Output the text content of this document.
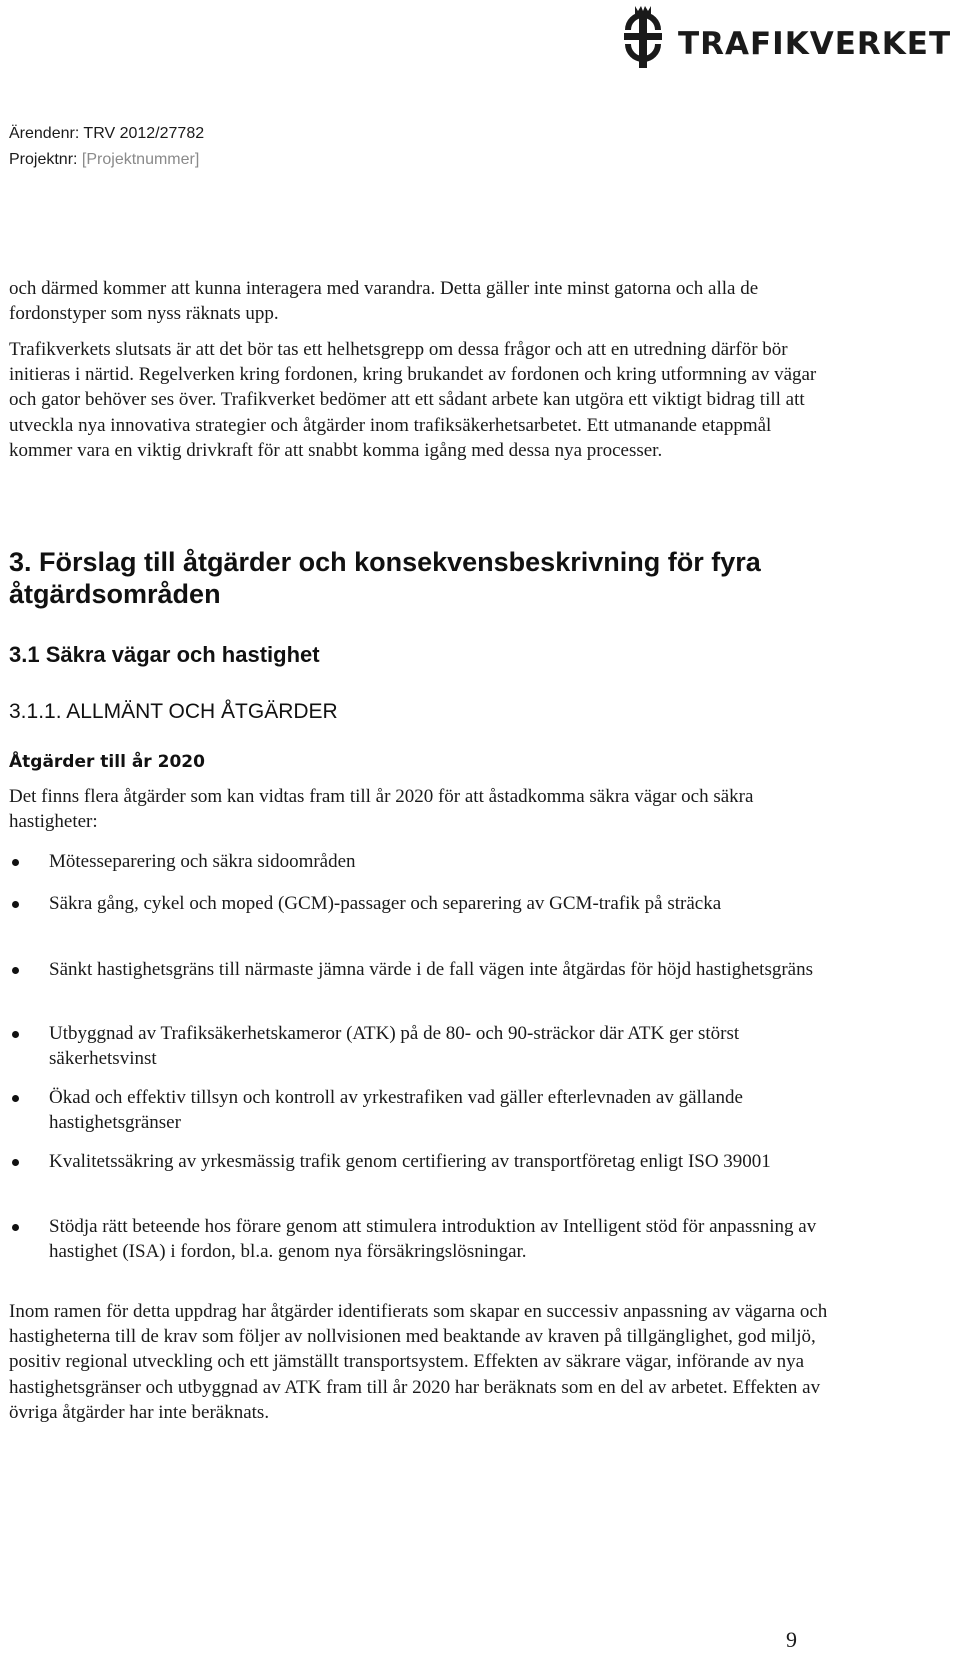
TRAFIKVERKET
Ärendenr: TRV 2012/27782
Projektnr: [Projektnummer]
och därmed kommer att kunna interagera med varandra. Detta gäller inte minst gatorna och alla de fordonstyper som nyss räknats upp.
Trafikverkets slutsats är att det bör tas ett helhetsgrepp om dessa frågor och att en utredning därför bör initieras i närtid. Regelverken kring fordonen, kring brukandet av fordonen och kring utformning av vägar och gator behöver ses över. Trafikverket bedömer att ett sådant arbete kan utgöra ett viktigt bidrag till att utveckla nya innovativa strategier och åtgärder inom trafiksäkerhetsarbetet. Ett utmanande etappmål kommer vara en viktig drivkraft för att snabbt komma igång med dessa nya processer.
3. Förslag till åtgärder och konsekvensbeskrivning för fyra åtgärdsområden
3.1 Säkra vägar och hastighet
3.1.1. ALLMÄNT OCH ÅTGÄRDER
Åtgärder till år 2020
Det finns flera åtgärder som kan vidtas fram till år 2020 för att åstadkomma säkra vägar och säkra hastigheter:
Mötesseparering och säkra sidoområden
Säkra gång, cykel och moped (GCM)-passager och separering av GCM-trafik på sträcka
Sänkt hastighetsgräns till närmaste jämna värde i de fall vägen inte åtgärdas för höjd hastighetsgräns
Utbyggnad av Trafiksäkerhetskameror (ATK) på de 80- och 90-sträckor där ATK ger störst säkerhetsvinst
Ökad och effektiv tillsyn och kontroll av yrkestrafiken vad gäller efterlevnaden av gällande hastighetsgränser
Kvalitetssäkring av yrkesmässig trafik genom certifiering av transportföretag enligt ISO 39001
Stödja rätt beteende hos förare genom att stimulera introduktion av Intelligent stöd för anpassning av hastighet (ISA) i fordon, bl.a. genom nya försäkringslösningar.
Inom ramen för detta uppdrag har åtgärder identifierats som skapar en successiv anpassning av vägarna och hastigheterna till de krav som följer av nollvisionen med beaktande av kraven på tillgänglighet, god miljö, positiv regional utveckling och ett jämställt transportsystem. Effekten av säkrare vägar, införande av nya hastighetsgränser och utbyggnad av ATK fram till år 2020 har beräknats som en del av arbetet. Effekten av övriga åtgärder har inte beräknats.
9
